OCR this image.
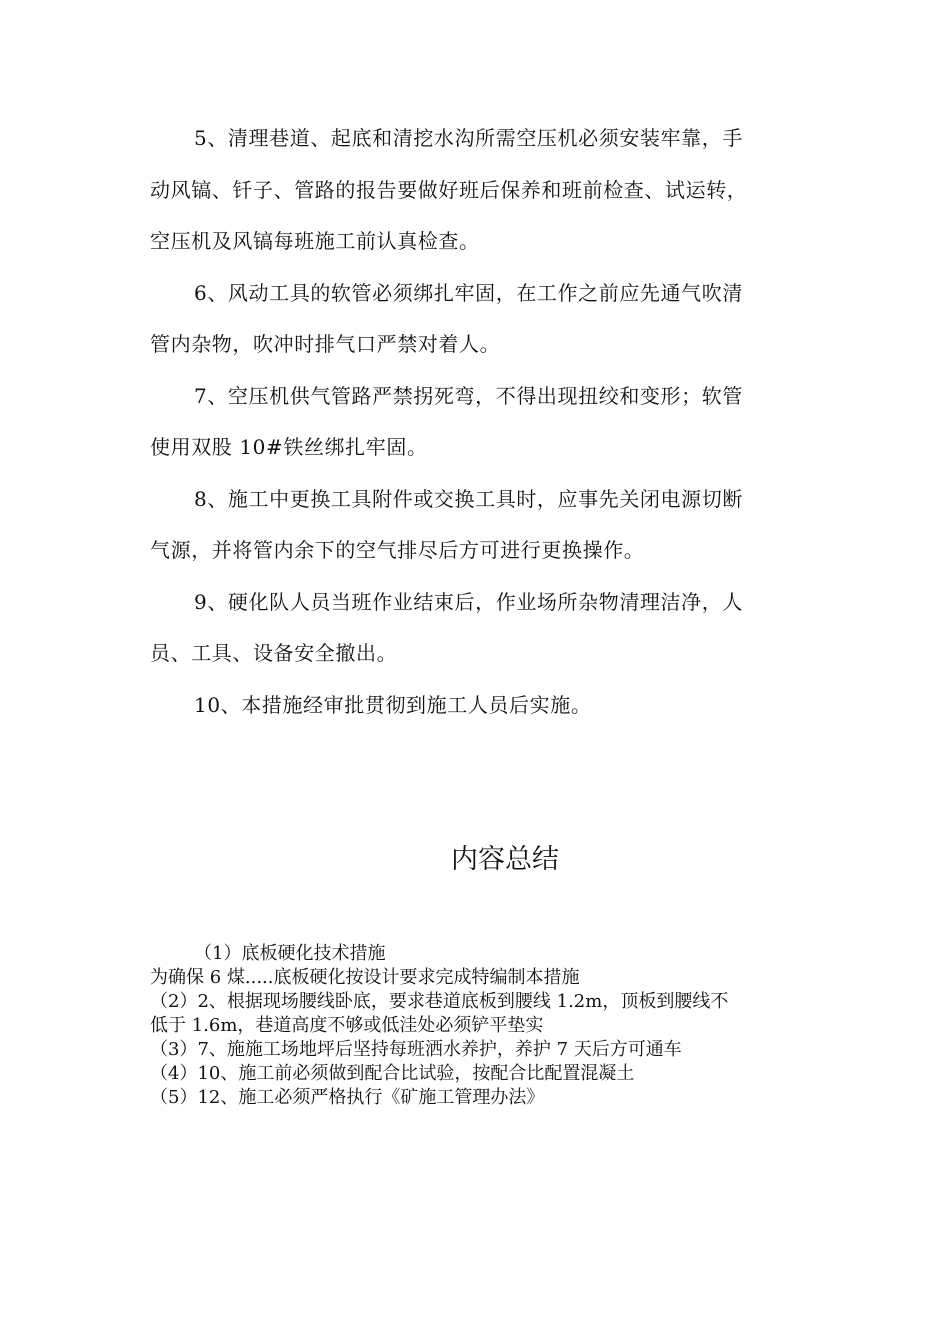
5、清理巷道、起底和清挖水沟所需空压机必须安装牢靠，手
动风镐、钎子、管路的报告要做好班后保养和班前检查、试运转，
空压机及风镐每班施工前认真检查。

6、风动工具的软管必须绑扎牢固，在工作之前应先通气吹清
管内杂物，吹冲时排气口严禁对着人。

7、空压机供气管路严禁拐死弯，不得出现扭绞和变形；软管
使用双股 10#铁丝绑扎牢固。

8、施工中更换工具附件或交换工具时，应事先关闭电源切断
气源，并将管内余下的空气排尽后方可进行更换操作。

9、硬化队人员当班作业结束后，作业场所杂物清理洁净，人
员、工具、设备安全撤出。

10、本措施经审批贯彻到施工人员后实施。

内容总结

（1）底板硬化技术措施

为确保 6 煤.....底板硬化按设计要求完成特编制本措施

（2）2、根据现场腰线卧底，要求巷道底板到腰线 1.2m，顶板到腰线不
低于 1.6m，巷道高度不够或低洼处必须铲平垫实

（3）7、施施工场地坪后坚持每班洒水养护，养护 7 天后方可通车

（4）10、施工前必须做到配合比试验，按配合比配置混凝土

（5）12、施工必须严格执行《矿施工管理办法》
